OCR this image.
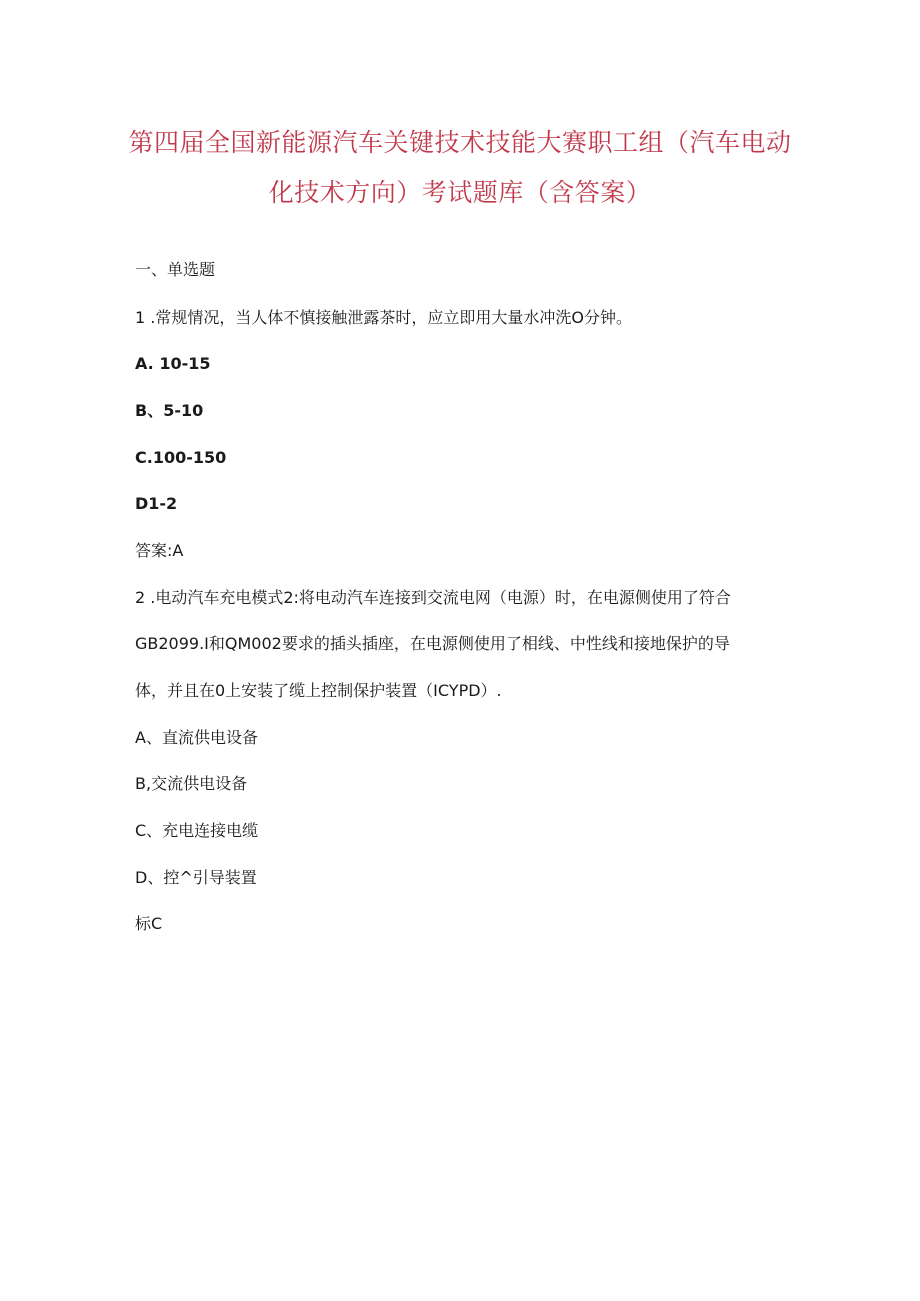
第四届全国新能源汽车关键技术技能大赛职工组（汽车电动
化技术方向）考试题库（含答案）
一、单选题
1 .常规情况，当人体不慎接触泄露茶时，应立即用大量水冲洗O分钟。
A. 10-15
B、5-10
C.100-150
D1-2
答案:A
2 .电动汽车充电模式2:将电动汽车连接到交流电网（电源）时，在电源侧使用了符合
GB2099.I和QM002要求的插头插座，在电源侧使用了相线、中性线和接地保护的导
体，并且在0上安装了缆上控制保护装置（ICYPD）.
A、直流供电设备
B,交流供电设备
C、充电连接电缆
D、控^引导装置
标C
